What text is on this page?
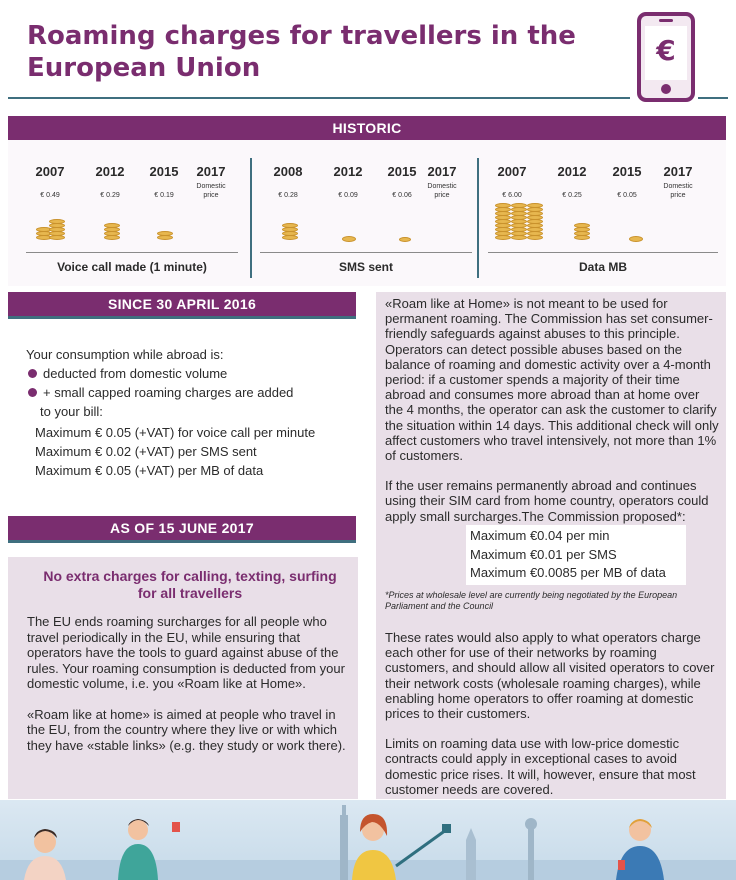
Roaming charges for travellers in the European Union
€
HISTORIC
2007	2012	2015	2017
€ 0.49	€ 0.29	€ 0.19
Domestic price
Voice call made (1 minute)
2008	2012	2015 2017
€ 0.28	€ 0.09	€ 0.06
Domestic price
SMS sent
2007	2012	2015	2017
€ 6.00	€ 0.25	€ 0.05
Domestic price
Data MB
SINCE 30 APRIL 2016
Your consumption while abroad is:
deducted from domestic volume
+ small capped roaming charges are added
to your bill:
Maximum € 0.05 (+VAT) for voice call per minute
Maximum € 0.02 (+VAT) per SMS sent
Maximum € 0.05 (+VAT) per MB of data
AS OF 15 JUNE 2017
No extra charges for calling, texting, surfing for all travellers
The EU ends roaming surcharges for all people who travel periodically in the EU, while ensuring that operators have the tools to guard against abuse of the rules. Your roaming consumption is deducted from your domestic volume, i.e. you «Roam like at Home».
«Roam like at home» is aimed at people who travel in the EU, from the country where they live or with which they have «stable links» (e.g. they study or work there).
«Roam like at Home» is not meant to be used for permanent roaming. The Commission has set consumer-friendly safeguards against abuses to this principle. Operators can detect possible abuses based on the balance of roaming and domestic activity over a 4-month period: if a customer spends a majority of their time abroad and consumes more abroad than at home over the 4 months, the operator can ask the customer to clarify the situation within 14 days. This additional check will only affect customers who travel intensively, not more than 1% of customers.
If the user remains permanently abroad and continues using their SIM card from home country, operators could apply small surcharges.The Commission proposed*:
Maximum €0.04 per min
Maximum €0.01 per SMS
Maximum €0.0085 per MB of data
*Prices at wholesale level are currently being negotiated by the European Parliament and the Council
These rates would also apply to what operators charge each other for use of their networks by roaming customers, and should allow all visited operators to cover their network costs (wholesale roaming charges), while enabling home operators to offer roaming at domestic prices to their customers.
Limits on roaming data use with low-price domestic contracts could apply in exceptional cases to avoid domestic price rises. It will, however, ensure that most customer needs are covered.
